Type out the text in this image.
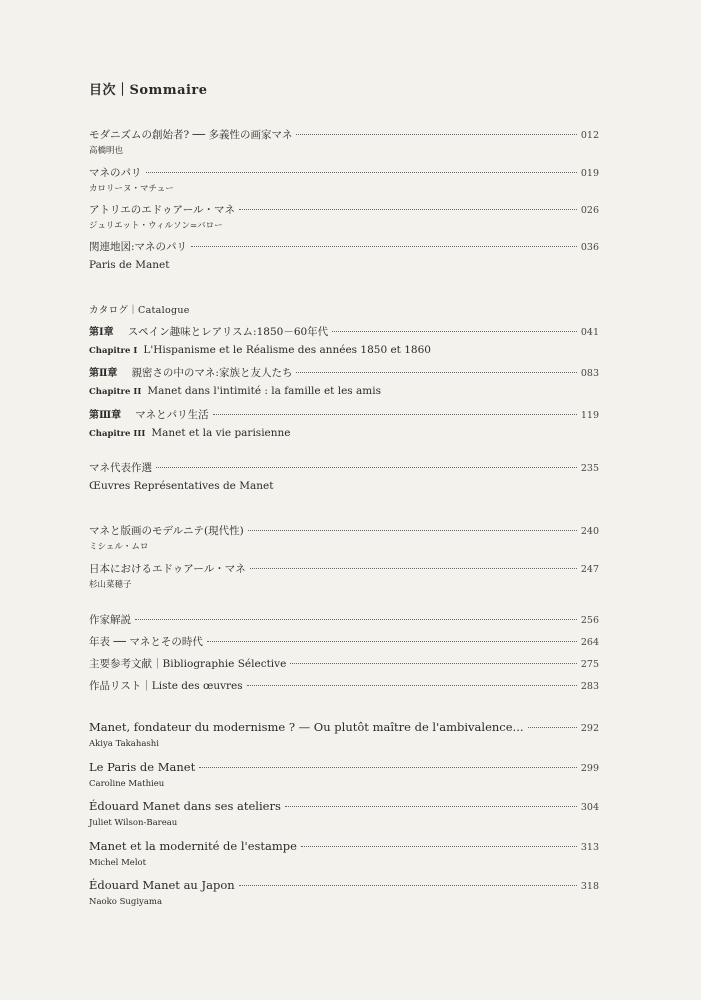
目次｜Sommaire
モダニズムの創始者? ── 多義性の画家マネ	012
高橋明也
マネのパリ	019
カロリーヌ・マチュー
アトリエのエドゥアール・マネ	026
ジュリエット・ウィルソン=バロー
関連地図:マネのパリ	036
Paris de Manet
カタログ｜Catalogue
第Ⅰ章 スペイン趣味とレアリスム:1850－60年代	041
Chapitre I L'Hispanisme et le Réalisme des années 1850 et 1860
第Ⅱ章 親密さの中のマネ:家族と友人たち	083
Chapitre II Manet dans l'intimité : la famille et les amis
第Ⅲ章 マネとパリ生活	119
Chapitre III Manet et la vie parisienne
マネ代表作選	235
Œuvres Représentatives de Manet
マネと版画のモデルニテ(現代性)	240
ミシェル・ムロ
日本におけるエドゥアール・マネ	247
杉山菜穂子
作家解説	256
年表 ── マネとその時代	264
主要参考文献｜Bibliographie Sélective	275
作品リスト｜Liste des œuvres	283
Manet, fondateur du modernisme ? — Ou plutôt maître de l'ambivalence...	292
Akiya Takahashi
Le Paris de Manet	299
Caroline Mathieu
Édouard Manet dans ses ateliers	304
Juliet Wilson-Bareau
Manet et la modernité de l'estampe	313
Michel Melot
Édouard Manet au Japon	318
Naoko Sugiyama
